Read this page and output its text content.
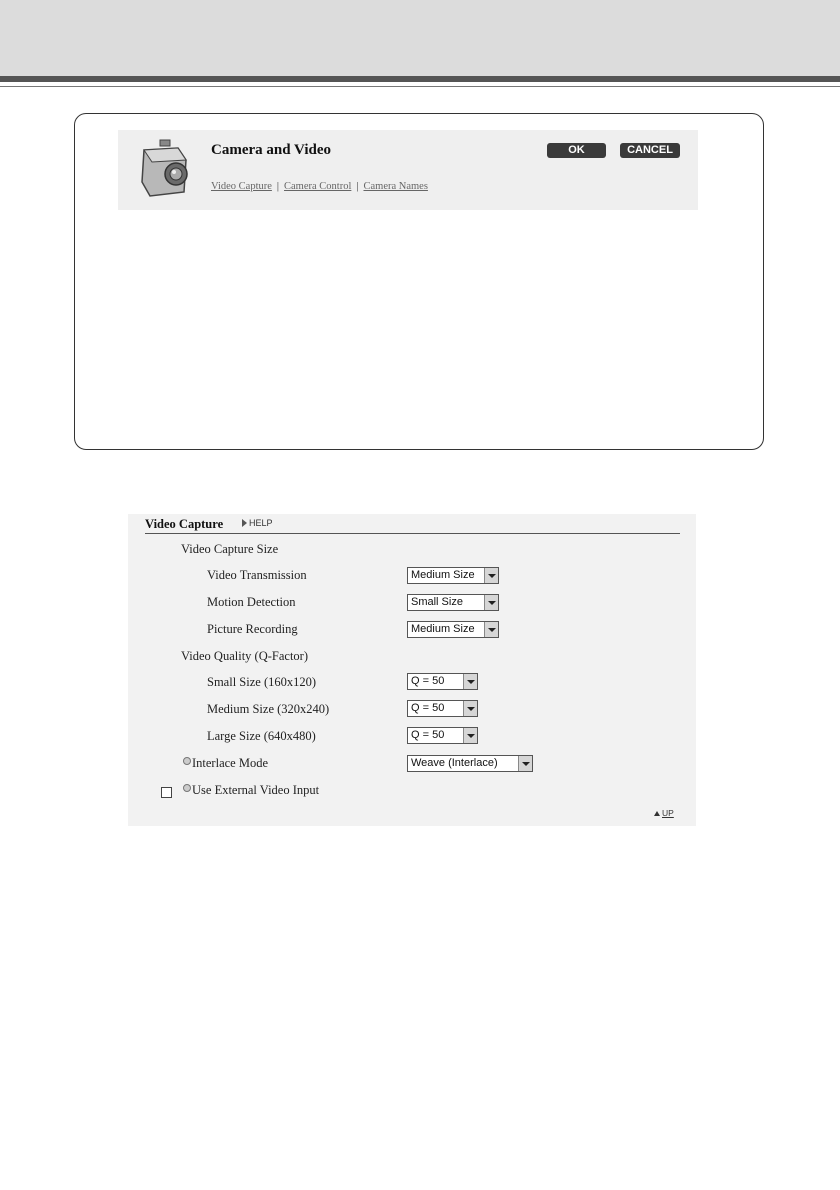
Camera and Video
Video Capture | Camera Control | Camera Names
OK	CANCEL
Video Capture	HELP
Video Capture Size
Video Transmission	Medium Size
Motion Detection	Small Size
Picture Recording	Medium Size
Video Quality (Q-Factor)
Small Size (160x120)	Q = 50
Medium Size (320x240)	Q = 50
Large Size (640x480)	Q = 50
Interlace Mode	Weave (Interlace)
Use External Video Input
UP
